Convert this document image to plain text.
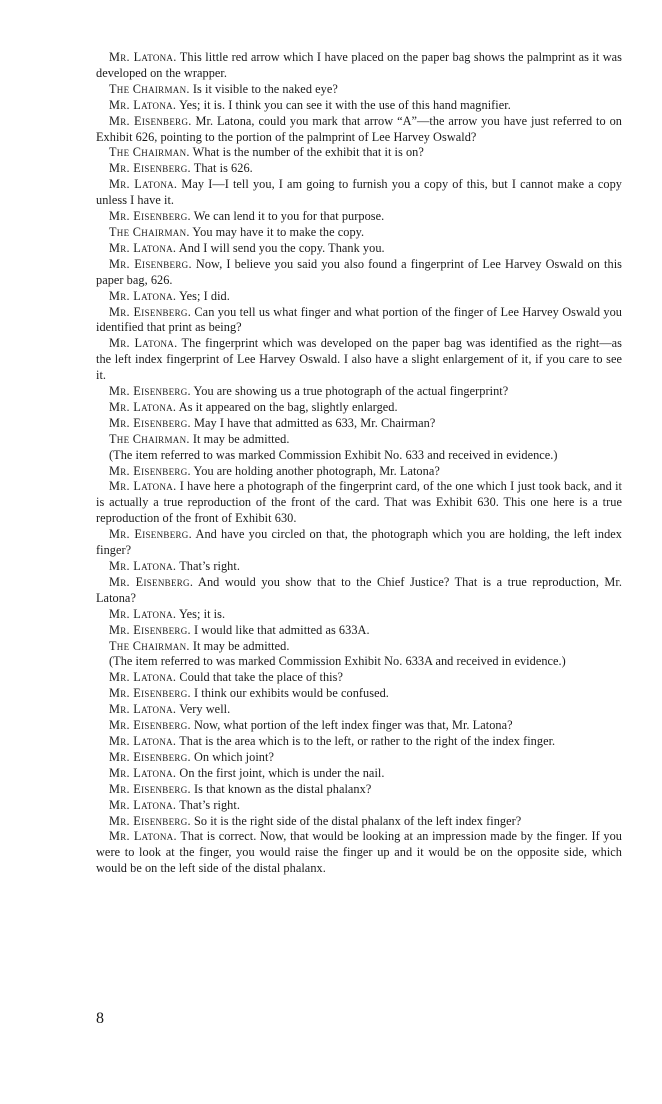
Mr. Latona. This little red arrow which I have placed on the paper bag shows the palmprint as it was developed on the wrapper.

The Chairman. Is it visible to the naked eye?

Mr. Latona. Yes; it is. I think you can see it with the use of this hand magnifier.

Mr. Eisenberg. Mr. Latona, could you mark that arrow “A”—the arrow you have just referred to on Exhibit 626, pointing to the portion of the palmprint of Lee Harvey Oswald?

The Chairman. What is the number of the exhibit that it is on?

Mr. Eisenberg. That is 626.

Mr. Latona. May I—I tell you, I am going to furnish you a copy of this, but I cannot make a copy unless I have it.

Mr. Eisenberg. We can lend it to you for that purpose.

The Chairman. You may have it to make the copy.

Mr. Latona. And I will send you the copy. Thank you.

Mr. Eisenberg. Now, I believe you said you also found a fingerprint of Lee Harvey Oswald on this paper bag, 626.

Mr. Latona. Yes; I did.

Mr. Eisenberg. Can you tell us what finger and what portion of the finger of Lee Harvey Oswald you identified that print as being?

Mr. Latona. The fingerprint which was developed on the paper bag was identified as the right—as the left index fingerprint of Lee Harvey Oswald. I also have a slight enlargement of it, if you care to see it.

Mr. Eisenberg. You are showing us a true photograph of the actual fingerprint?

Mr. Latona. As it appeared on the bag, slightly enlarged.

Mr. Eisenberg. May I have that admitted as 633, Mr. Chairman?

The Chairman. It may be admitted.

(The item referred to was marked Commission Exhibit No. 633 and received in evidence.)

Mr. Eisenberg. You are holding another photograph, Mr. Latona?

Mr. Latona. I have here a photograph of the fingerprint card, of the one which I just took back, and it is actually a true reproduction of the front of the card. That was Exhibit 630. This one here is a true reproduction of the front of Exhibit 630.

Mr. Eisenberg. And have you circled on that, the photograph which you are holding, the left index finger?

Mr. Latona. That’s right.

Mr. Eisenberg. And would you show that to the Chief Justice? That is a true reproduction, Mr. Latona?

Mr. Latona. Yes; it is.

Mr. Eisenberg. I would like that admitted as 633A.

The Chairman. It may be admitted.

(The item referred to was marked Commission Exhibit No. 633A and received in evidence.)

Mr. Latona. Could that take the place of this?

Mr. Eisenberg. I think our exhibits would be confused.

Mr. Latona. Very well.

Mr. Eisenberg. Now, what portion of the left index finger was that, Mr. Latona?

Mr. Latona. That is the area which is to the left, or rather to the right of the index finger.

Mr. Eisenberg. On which joint?

Mr. Latona. On the first joint, which is under the nail.

Mr. Eisenberg. Is that known as the distal phalanx?

Mr. Latona. That’s right.

Mr. Eisenberg. So it is the right side of the distal phalanx of the left index finger?

Mr. Latona. That is correct. Now, that would be looking at an impression made by the finger. If you were to look at the finger, you would raise the finger up and it would be on the opposite side, which would be on the left side of the distal phalanx.

8
